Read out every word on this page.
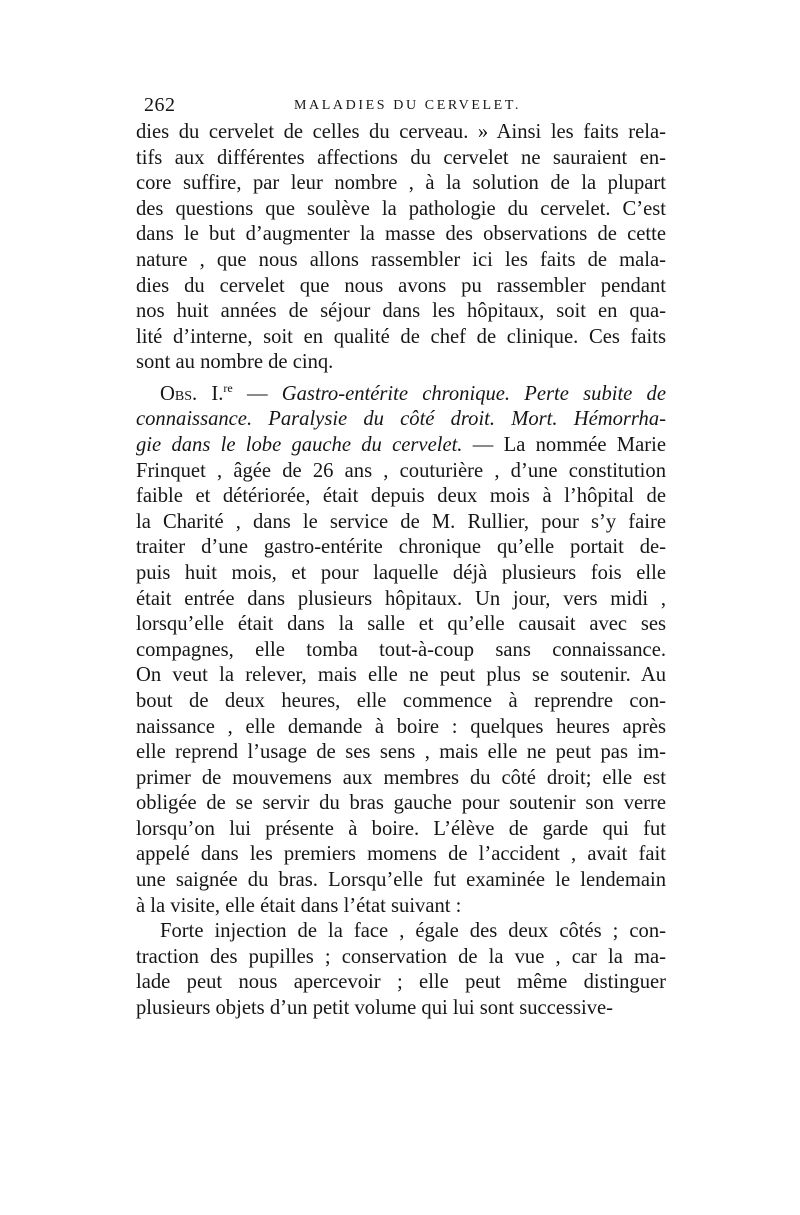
262	MALADIES DU CERVELET.
dies du cervelet de celles du cerveau. » Ainsi les faits rela-
tifs aux différentes affections du cervelet ne sauraient en-
core suffire, par leur nombre , à la solution de la plupart
des questions que soulève la pathologie du cervelet. C’est
dans le but d’augmenter la masse des observations de cette
nature , que nous allons rassembler ici les faits de mala-
dies du cervelet que nous avons pu rassembler pendant
nos huit années de séjour dans les hôpitaux, soit en qua-
lité d’interne, soit en qualité de chef de clinique. Ces faits
sont au nombre de cinq.
Obs. I.$^{re}$ — Gastro-entérite chronique. Perte subite de
connaissance. Paralysie du côté droit. Mort. Hémorrha-
gie dans le lobe gauche du cervelet. — La nommée Marie
Frinquet , âgée de 26 ans , couturière , d’une constitution
faible et détériorée, était depuis deux mois à l’hôpital de
la Charité , dans le service de M. Rullier, pour s’y faire
traiter d’une gastro-entérite chronique qu’elle portait de-
puis huit mois, et pour laquelle déjà plusieurs fois elle
était entrée dans plusieurs hôpitaux. Un jour, vers midi ,
lorsqu’elle était dans la salle et qu’elle causait avec ses
compagnes, elle tomba tout-à-coup sans connaissance.
On veut la relever, mais elle ne peut plus se soutenir. Au
bout de deux heures, elle commence à reprendre con-
naissance , elle demande à boire : quelques heures après
elle reprend l’usage de ses sens , mais elle ne peut pas im-
primer de mouvemens aux membres du côté droit; elle est
obligée de se servir du bras gauche pour soutenir son verre
lorsqu’on lui présente à boire. L’élève de garde qui fut
appelé dans les premiers momens de l’accident , avait fait
une saignée du bras. Lorsqu’elle fut examinée le lendemain
à la visite, elle était dans l’état suivant :
Forte injection de la face , égale des deux côtés ; con-
traction des pupilles ; conservation de la vue , car la ma-
lade peut nous apercevoir ; elle peut même distinguer
plusieurs objets d’un petit volume qui lui sont successive-
